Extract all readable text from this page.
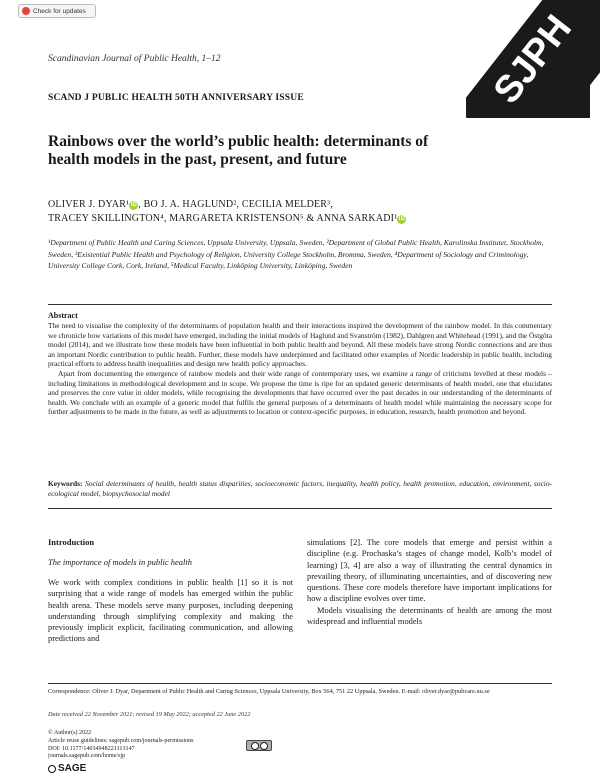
Check for updates
Scandinavian Journal of Public Health, 1–12	SJPH
SCAND J PUBLIC HEALTH 50TH ANNIVERSARY ISSUE
Rainbows over the world’s public health: determinants of health models in the past, present, and future
OLIVER J. DYAR¹iD, BO J. A. HAGLUND², CECILIA MELDER³,
TRACEY SKILLINGTON⁴, MARGARETA KRISTENSON⁵ & ANNA SARKADI¹iD
¹Department of Public Health and Caring Sciences, Uppsala University, Uppsala, Sweden, ²Department of Global Public Health, Karolinska Institutet, Stockholm, Sweden, ³Existential Public Health and Psychology of Religion, University College Stockholm, Bromma, Sweden, ⁴Department of Sociology and Criminology, University College Cork, Cork, Ireland, ⁵Medical Faculty, Linköping University, Linköping, Sweden
Abstract

The need to visualise the complexity of the determinants of population health and their interactions inspired the development of the rainbow model. In this commentary we chronicle how variations of this model have emerged, including the initial models of Haglund and Svanström (1982), Dahlgren and Whitehead (1991), and the Östgöta model (2014), and we illustrate how these models have been influential in both public health and beyond. All these models have strong Nordic connections and are thus an important Nordic contribution to public health. Further, these models have underpinned and facilitated other examples of Nordic leadership in public health, including practical efforts to address health inequalities and design new health policy approaches.

Apart from documenting the emergence of rainbow models and their wide range of contemporary uses, we examine a range of criticisms levelled at these models – including limitations in methodological development and in scope. We propose the time is ripe for an updated generic determinants of health model, one that elucidates and preserves the core value in older models, while recognising the developments that have occurred over the past decades in our understanding of the determinants of health. We conclude with an example of a generic model that fulfils the general purposes of a determinants of health model while maintaining the necessary scope for further adjustments to be made in the future, as well as adjustments to location or context-specific purposes, in education, research, health promotion and beyond.

Keywords: Social determinants of health, health status disparities, socioeconomic factors, inequality, health policy, health promotion, education, environment, socio-ecological model, biopsychosocial model
Introduction
The importance of models in public health

We work with complex conditions in public health [1] so it is not surprising that a wide range of models has emerged within the public health arena. These models serve many purposes, including deepening understanding through simplifying complexity and making the previously implicit explicit, facilitating communication, and allowing predictions and

simulations [2]. The core models that emerge and persist within a discipline (e.g. Prochaska’s stages of change model, Kolb’s model of learning) [3, 4] are also a way of illustrating the central dynamics in prevailing theory, of illuminating uncertainties, and of discovering new questions. These core models therefore have important implications for how a discipline evolves over time.

Models visualising the determinants of health are among the most widespread and influential models

Correspondence: Oliver J. Dyar, Department of Public Health and Caring Sciences, Uppsala University, Box 564, 751 22 Uppsala, Sweden. E-mail: oliver.dyar@pubcare.uu.se
Date received 22 November 2021; revised 19 May 2022; accepted 22 June 2022
© Author(s) 2022
Article reuse guidelines: sagepub.com/journals-permissions
DOI: 10.1177/14034948221113147
journals.sagepub.com/home/sjp
SAGE
